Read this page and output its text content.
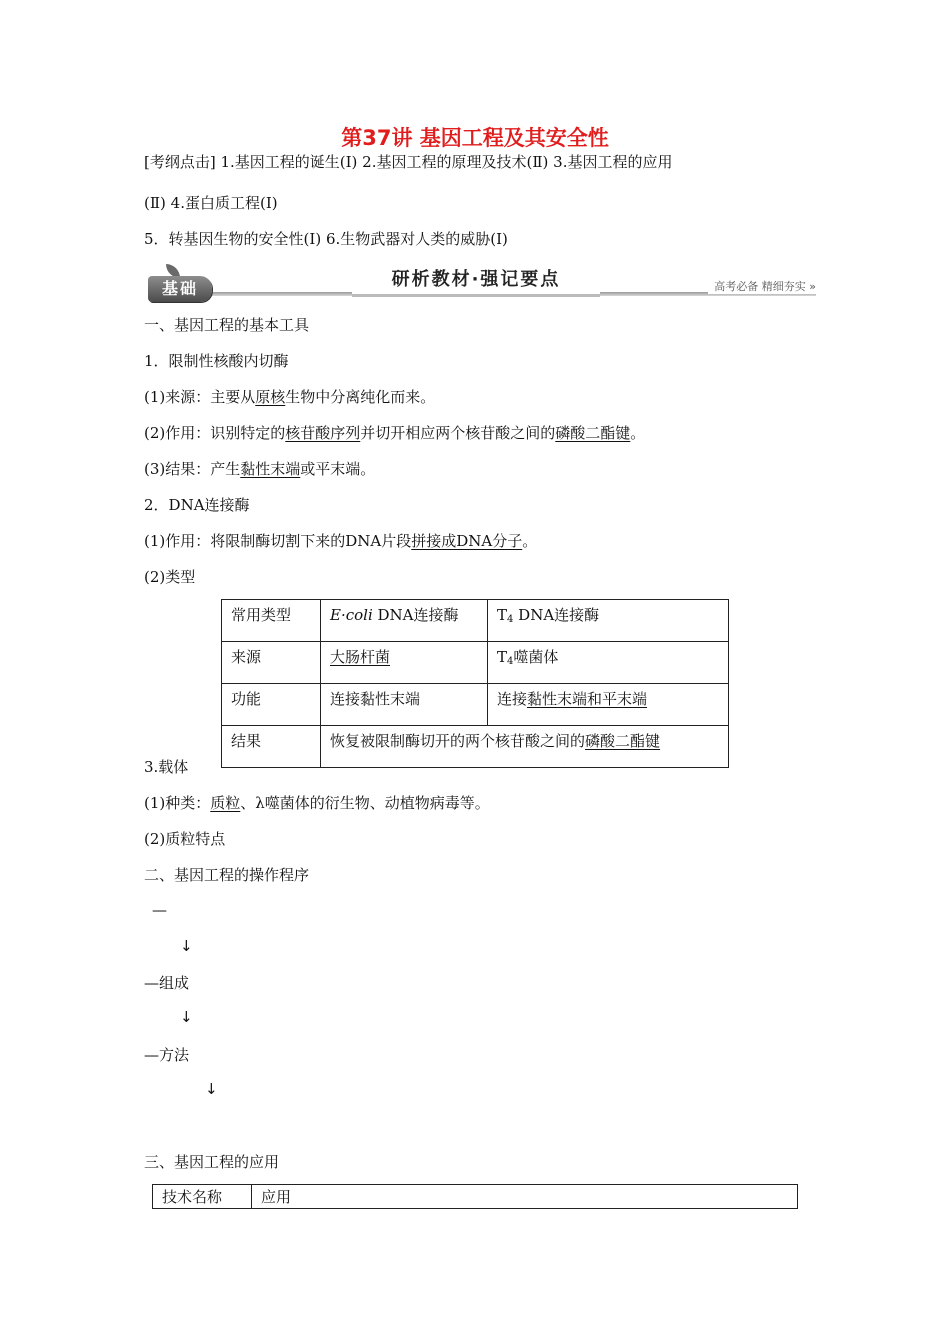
第37讲 基因工程及其安全性
[考纲点击] 1.基因工程的诞生(Ⅰ) 2.基因工程的原理及技术(Ⅱ) 3.基因工程的应用
(Ⅱ) 4.蛋白质工程(Ⅰ)
5．转基因生物的安全性(Ⅰ) 6.生物武器对人类的威胁(Ⅰ)
基础	研析教材·强记要点	高考必备 精细夯实 »
一、基因工程的基本工具
1．限制性核酸内切酶
(1)来源：主要从原核生物中分离纯化而来。
(2)作用：识别特定的核苷酸序列并切开相应两个核苷酸之间的磷酸二酯键。
(3)结果：产生黏性末端或平末端。
2．DNA连接酶
(1)作用：将限制酶切割下来的DNA片段拼接成DNA分子。
(2)类型
常用类型	E·coli DNA连接酶	$T_4$ DNA连接酶
来源	大肠杆菌	$T_4$噬菌体
功能	连接黏性末端	连接黏性末端和平末端
结果	恢复被限制酶切开的两个核苷酸之间的磷酸二酯键	
3.载体
(1)种类：质粒、λ噬菌体的衍生物、动植物病毒等。
(2)质粒特点
二、基因工程的操作程序
—
↓
—组成
↓
—方法
↓
三、基因工程的应用
技术名称	应用
